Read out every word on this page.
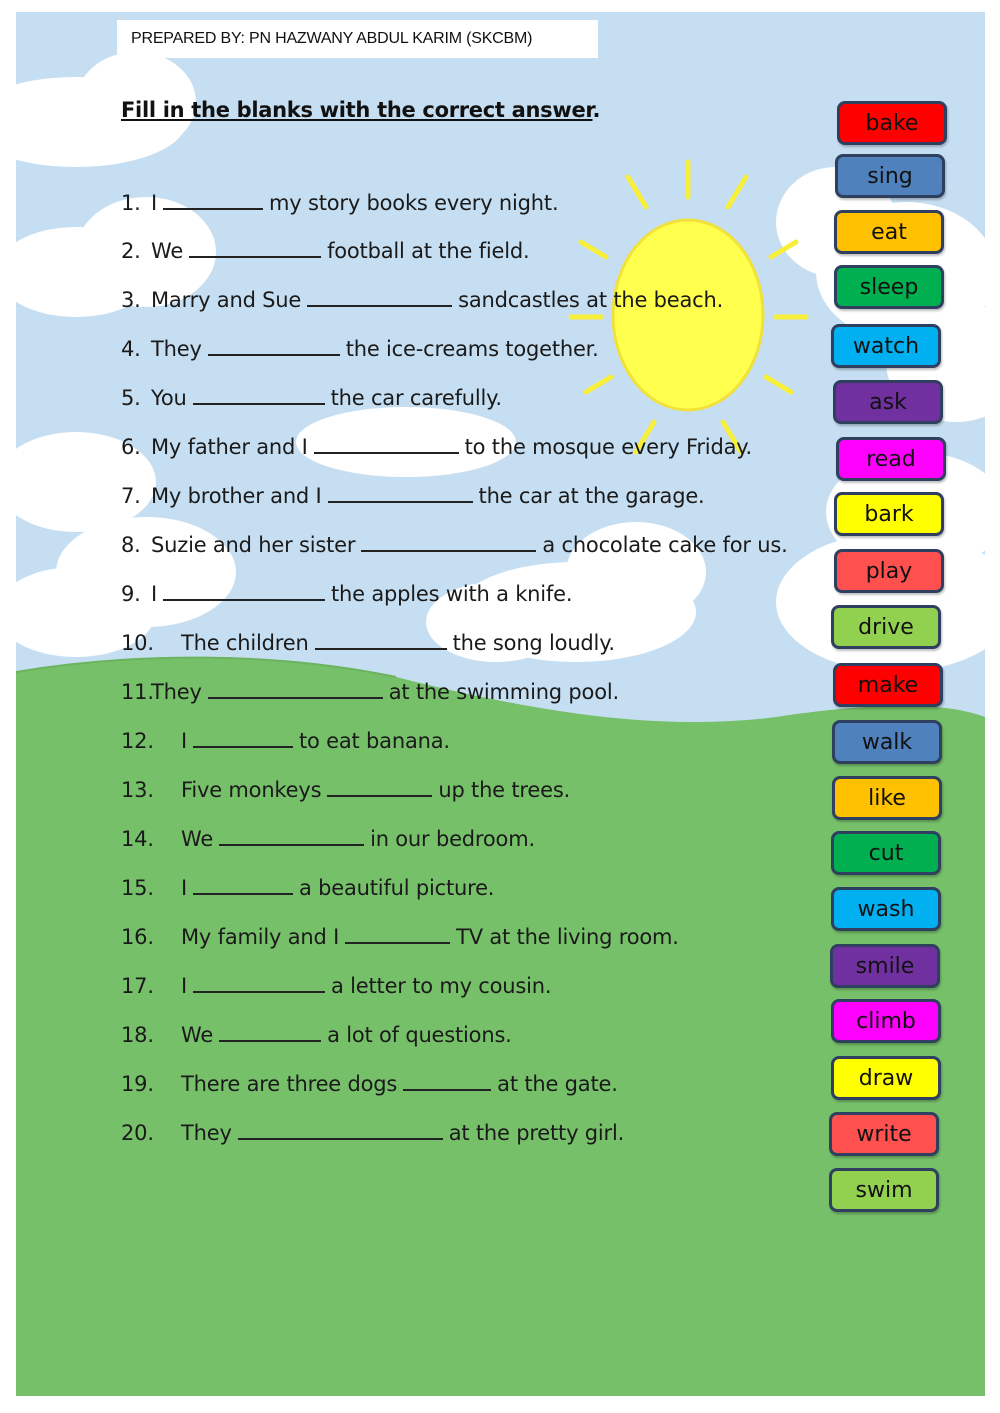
PREPARED BY: PN HAZWANY ABDUL KARIM (SKCBM)
Fill in the blanks with the correct answer.
1. I	my story books every night.
2. We	football at the field.
3. Marry and Sue	sandcastles at the beach.
4. They	the ice-creams together.
5. You	the car carefully.
6. My father and I	to the mosque every Friday.
7. My brother and I	the car at the garage.
8. Suzie and her sister	a chocolate cake for us.
9. I	the apples with a knife.
10. The children	the song loudly.
11.They	at the swimming pool.
12. I	to eat banana.
13. Five monkeys	up the trees.
14. We	in our bedroom.
15. I	a beautiful picture.
16. My family and I	TV at the living room.
17. I	a letter to my cousin.
18. We	a lot of questions.
19. There are three dogs	at the gate.
20. They	at the pretty girl.
bake
sing
eat
sleep
watch
ask
read
bark
play
drive
make
walk
like
cut
wash
smile
climb
draw
write
swim
